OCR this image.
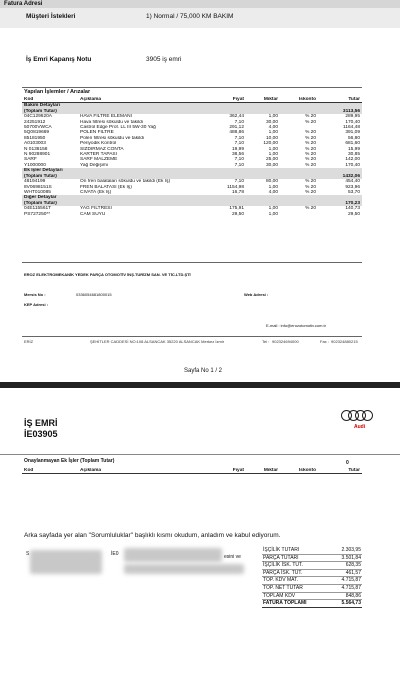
Fatura Adresi
Müşteri İstekleri	1) Normal / 75,000 KM BAKIM
İş Emri Kapanış Notu	3905 iş emri
Yapılan İşlemler / Arızalar
Kod	Açıklama	Fiyat	Miktar	İskonto	Tutar
Bakım Detayları					
(Toplam Tutar)					3113,56
04C129620A	HAVA FİLTRE ELEMANI	362,44	1,00	% 20	289,95
24251912	Hava filtresi sökuldu ve takildi	7,10	30,00	% 20	170,40
50700VWCA	Castrol Edge Prof. LL III 5W-30 Yağ	291,12	4,00		1164,48
5Q0819669	POLEN FİLTRE	488,86	1,00	% 20	391,09
85181950	Polen filtresi sökuldu ve takildi	7,10	10,00	% 20	56,80
A0103003	Periyodik Kontrol	7,10	120,00	% 20	681,60
N 0138158	SIZDIRMAZ CONTA	19,99	1,00	% 20	15,99
N 90288901	KARTER TAPASI	38,56	1,00	% 20	30,85
SARF	SARF MALZEME	7,10	25,00	% 20	142,00
Y1000000	Yağ Değişimi	7,10	30,00	% 20	170,40
Ek İşler Detayları					
(Toplam Tutar)					1432,06
48194199	Ön fren balataları sökuldu ve takildi (Ek İş)	7,10	80,00	% 20	454,40
8V0698151S	FREN BALATASI (Ek İş)	1154,98	1,00	% 20	923,96
WHT010085	CİVATA (Ek İş)	16,78	4,00	% 20	53,70
Diğer Detaylar					
(Toplam Tutar)					170,23
04E115561T	YAĞ FİLTRESİ	175,91	1,00	% 20	140,73
PS727250**	CAM SUYU	29,50	1,00		29,50
EROZ ELEKTROMEKANİK YEDEK PARÇA OTOMOTİV İNŞ.TURİZM SAN. VE TİC.LTD.ŞTİ
Mersis No :	0336054681800015
KEP Adresi :
Web Adresi :
E-mail : info@erozotomotiv.com.tr
ERİZ	ŞEHİTLER CADDESİ NO:108 ALSANCAK 35220 ALSANCAK Merkez İzmir	Tel : 902324694000	Fax : 902324880215
Sayfa No 1 / 2
İŞ EMRİ
İE03905
Audi
Onaylanmayan Ek İşler (Toplam Tutar)	0
Kod	Açıklama	Fiyat	Miktar	İskonto	Tutar
Arka sayfada yer alan "Sorumluluklar" başlıklı kısmı okudum, anladım ve kabul ediyorum.
S	İE0	esini ve
İŞÇİLİK TUTARI	2.303,95
PARÇA TUTARI	3.501,84
İŞÇİLİK İSK. TUT.	628,35
PARÇA İSK. TUT.	461,57
TOP. KDV MAT.	4.715,87
TOP. NET TUTAR	4.715,87
TOPLAM KDV	848,86
FATURA TOPLAMI	5.564,73
